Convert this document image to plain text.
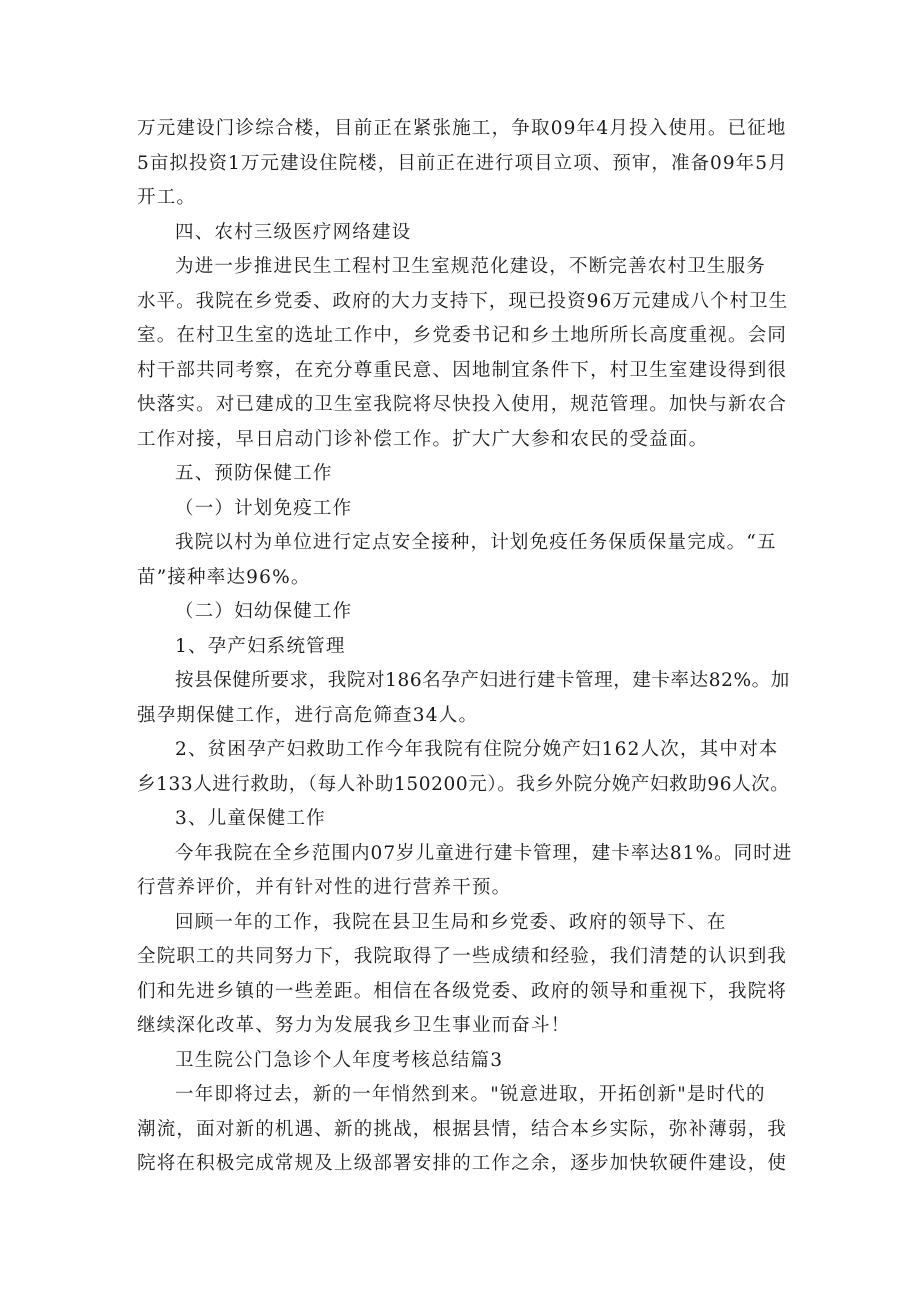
万元建设门诊综合楼，目前正在紧张施工，争取09年4月投入使用。已征地
5亩拟投资1万元建设住院楼，目前正在进行项目立项、预审，准备09年5月
开工。
四、农村三级医疗网络建设
为进一步推进民生工程村卫生室规范化建设，不断完善农村卫生服务
水平。我院在乡党委、政府的大力支持下，现已投资96万元建成八个村卫生
室。在村卫生室的选址工作中，乡党委书记和乡土地所所长高度重视。会同
村干部共同考察，在充分尊重民意、因地制宜条件下，村卫生室建设得到很
快落实。对已建成的卫生室我院将尽快投入使用，规范管理。加快与新农合
工作对接，早日启动门诊补偿工作。扩大广大参和农民的受益面。
五、预防保健工作
（一）计划免疫工作
我院以村为单位进行定点安全接种，计划免疫任务保质保量完成。“五
苗”接种率达96%。
（二）妇幼保健工作
1、孕产妇系统管理
按县保健所要求，我院对186名孕产妇进行建卡管理，建卡率达82%。加
强孕期保健工作，进行高危筛查34人。
2、贫困孕产妇救助工作今年我院有住院分娩产妇162人次，其中对本
乡133人进行救助，（每人补助150200元）。我乡外院分娩产妇救助96人次。
3、儿童保健工作
今年我院在全乡范围内07岁儿童进行建卡管理，建卡率达81%。同时进
行营养评价，并有针对性的进行营养干预。
回顾一年的工作，我院在县卫生局和乡党委、政府的领导下、在
全院职工的共同努力下，我院取得了一些成绩和经验，我们清楚的认识到我
们和先进乡镇的一些差距。相信在各级党委、政府的领导和重视下，我院将
继续深化改革、努力为发展我乡卫生事业而奋斗！
卫生院公门急诊个人年度考核总结篇3
一年即将过去，新的一年悄然到来。"锐意进取，开拓创新"是时代的
潮流，面对新的机遇、新的挑战，根据县情，结合本乡实际，弥补薄弱，我
院将在积极完成常规及上级部署安排的工作之余，逐步加快软硬件建设，使
